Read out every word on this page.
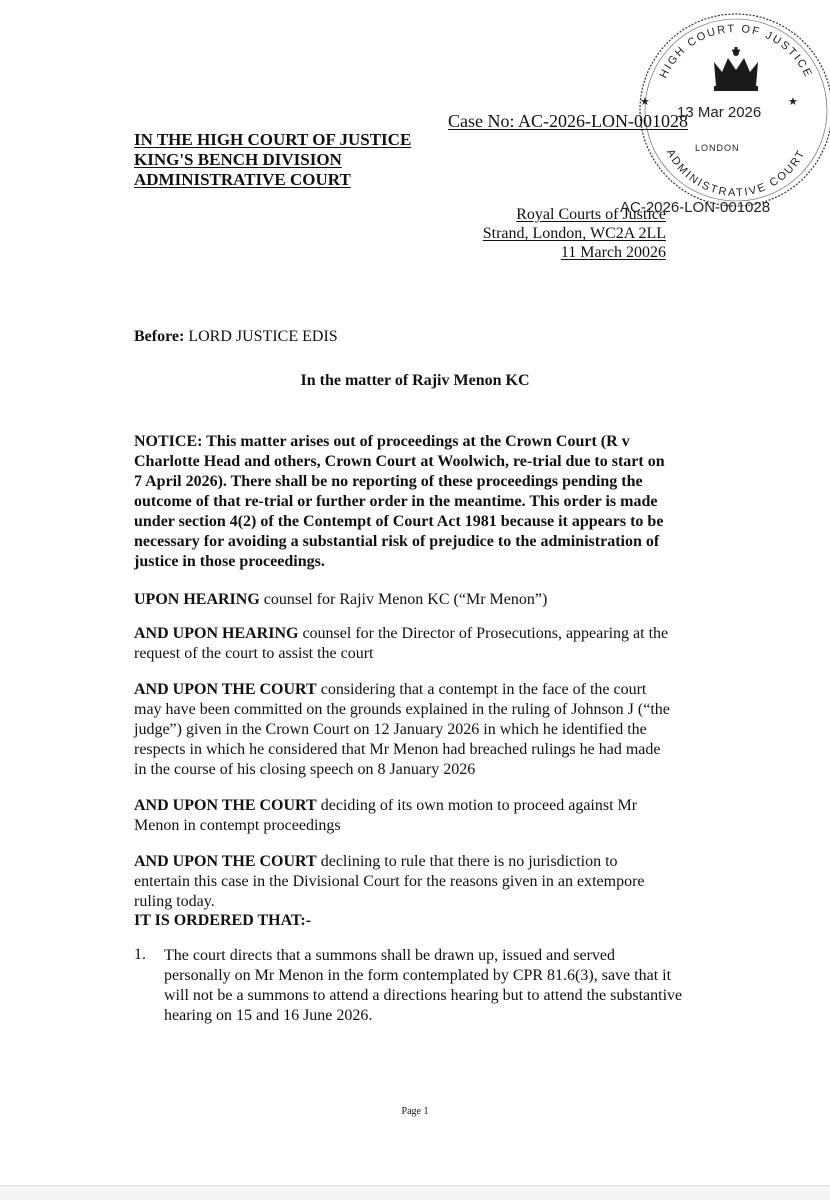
HIGH COURT OF JUSTICE
ADMINISTRATIVE COURT
★	★
13 Mar 2026
LONDON
IN THE HIGH COURT OF JUSTICE
KING'S BENCH DIVISION
ADMINISTRATIVE COURT
Case No: AC-2026-LON-001028
Royal Courts of Justice
Strand, London, WC2A 2LL
11 March 20026
AC-2026-LON-001028
Before: LORD JUSTICE EDIS
In the matter of Rajiv Menon KC
NOTICE: This matter arises out of proceedings at the Crown Court (R v Charlotte Head and others, Crown Court at Woolwich, re-trial due to start on 7 April 2026). There shall be no reporting of these proceedings pending the outcome of that re-trial or further order in the meantime. This order is made under section 4(2) of the Contempt of Court Act 1981 because it appears to be necessary for avoiding a substantial risk of prejudice to the administration of justice in those proceedings.
UPON HEARING counsel for Rajiv Menon KC (“Mr Menon”)
AND UPON HEARING counsel for the Director of Prosecutions, appearing at the request of the court to assist the court
AND UPON THE COURT considering that a contempt in the face of the court may have been committed on the grounds explained in the ruling of Johnson J (“the judge”) given in the Crown Court on 12 January 2026 in which he identified the respects in which he considered that Mr Menon had breached rulings he had made in the course of his closing speech on 8 January 2026
AND UPON THE COURT deciding of its own motion to proceed against Mr Menon in contempt proceedings
AND UPON THE COURT declining to rule that there is no jurisdiction to entertain this case in the Divisional Court for the reasons given in an extempore ruling today.
IT IS ORDERED THAT:-
1. The court directs that a summons shall be drawn up, issued and served personally on Mr Menon in the form contemplated by CPR 81.6(3), save that it will not be a summons to attend a directions hearing but to attend the substantive hearing on 15 and 16 June 2026.
Page 1
